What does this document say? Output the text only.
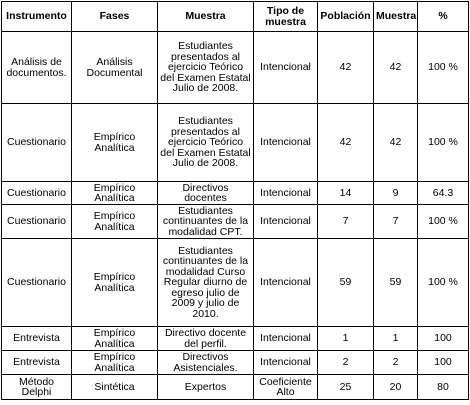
Instrumento	Fases	Muestra	Tipo de muestra	Población	Muestra	%
Análisis de documentos.	Análisis Documental	Estudiantes presentados al ejercicio Teórico del Examen Estatal Julio de 2008.	Intencional	42	42	100 %
Cuestionario	Empírico Analítica	Estudiantes presentados al ejercicio Teórico del Examen Estatal Julio de 2008.	Intencional	42	42	100 %
Cuestionario	Empírico Analítica	Directivos docentes	Intencional	14	9	64.3
Cuestionario	Empírico Analítica	Estudiantes continuantes de la modalidad CPT.	Intencional	7	7	100 %
Cuestionario	Empírico Analítica	Estudiantes continuantes de la modalidad Curso Regular diurno de egreso julio de 2009 y julio de 2010.	Intencional	59	59	100 %
Entrevista	Empírico Analítica	Directivo docente del perfil.	Intencional	1	1	100
Entrevista	Empírico Analítica	Directivos Asistenciales.	Intencional	2	2	100
Método Delphi	Sintética	Expertos	Coeficiente Alto	25	20	80
